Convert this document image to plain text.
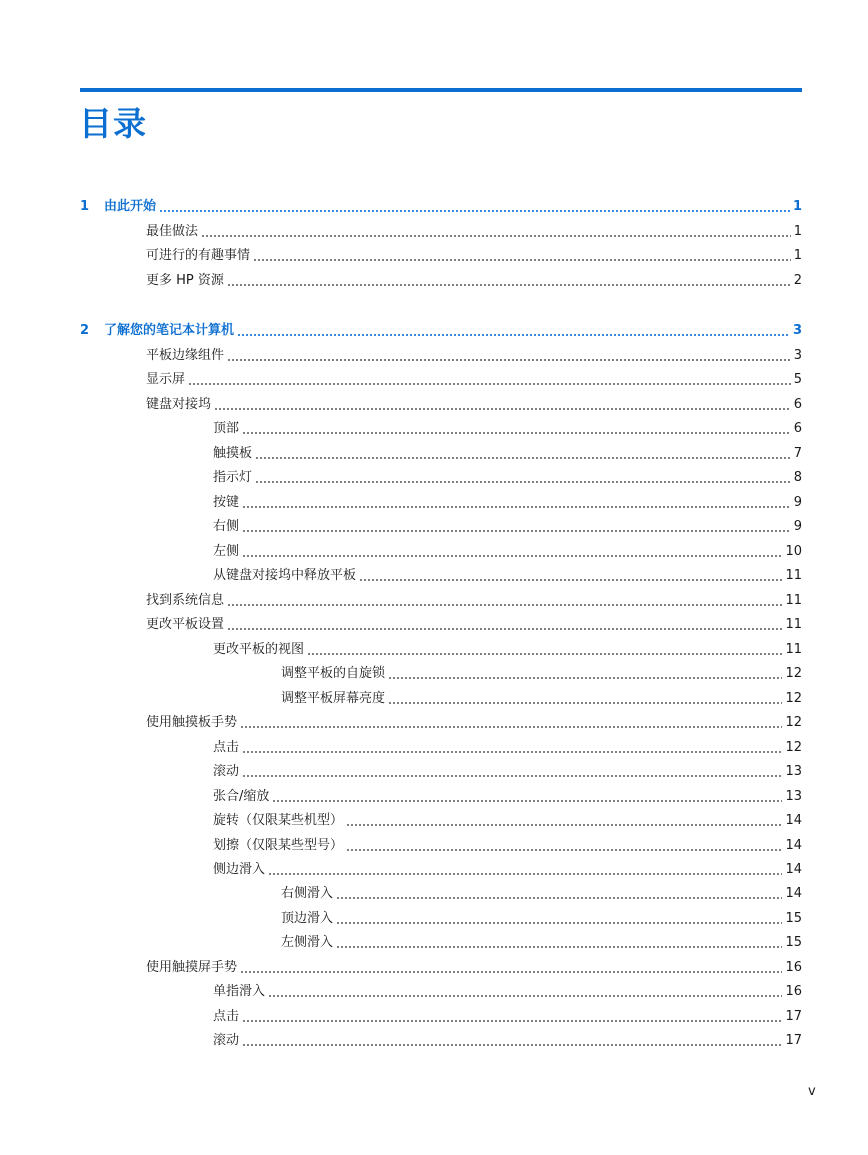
目录
1	由此开始	1
最佳做法	1
可进行的有趣事情	1
更多 HP 资源	2
2	了解您的笔记本计算机	3
平板边缘组件	3
显示屏	5
键盘对接坞	6
顶部	6
触摸板	7
指示灯	8
按键	9
右侧	9
左侧	10
从键盘对接坞中释放平板	11
找到系统信息	11
更改平板设置	11
更改平板的视图	11
调整平板的自旋锁	12
调整平板屏幕亮度	12
使用触摸板手势	12
点击	12
滚动	13
张合/缩放	13
旋转（仅限某些机型）	14
划擦（仅限某些型号）	14
侧边滑入	14
右侧滑入	14
顶边滑入	15
左侧滑入	15
使用触摸屏手势	16
单指滑入	16
点击	17
滚动	17
v
